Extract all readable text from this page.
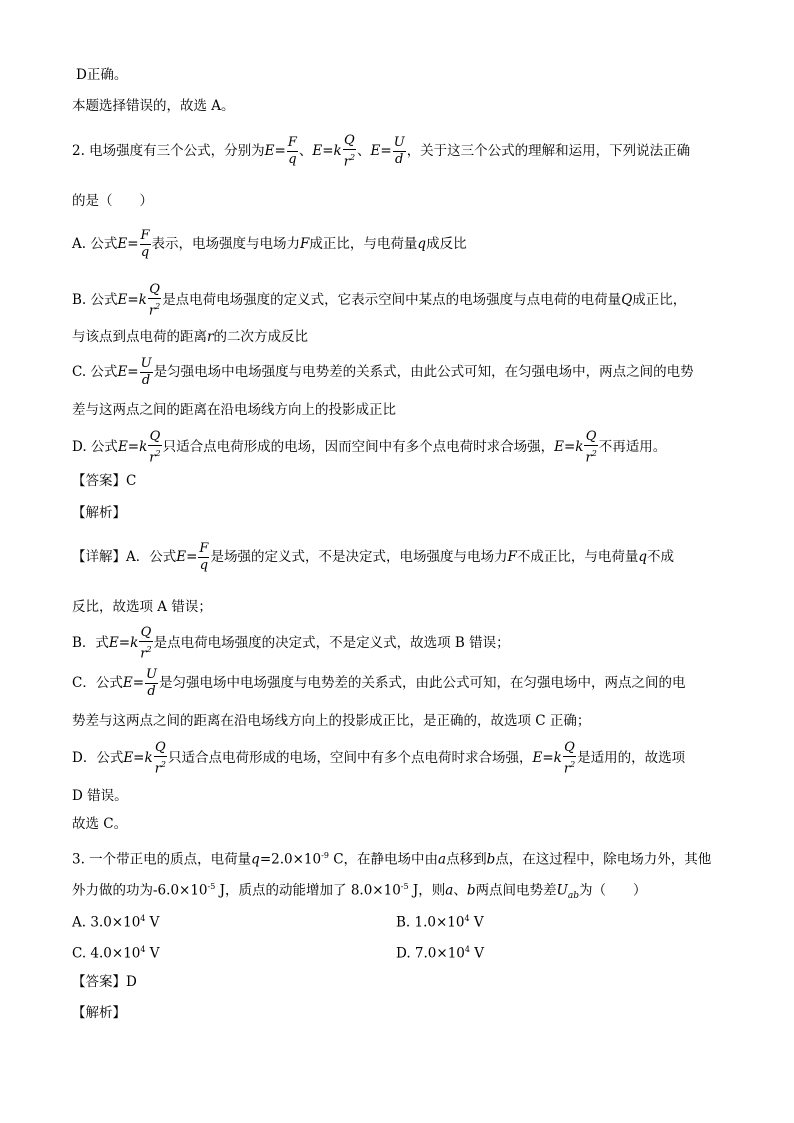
D正确。
本题选择错误的，故选 A。
2. 电场强度有三个公式，分别为$E= \frac{F}{q}$ 、$E=k \frac{Q}{r^2}$ 、$E= \frac{U}{d}$ ，关于这三个公式的理解和运用，下列说法正确
的是（　　）
A. 公式$E= \frac{F}{q}$ 表示，电场强度与电场力F成正比，与电荷量q成反比
B. 公式$E=k \frac{Q}{r^2}$ 是点电荷电场强度的定义式，它表示空间中某点的电场强度与点电荷的电荷量Q成正比，
与该点到点电荷的距离r的二次方成反比
C. 公式$E= \frac{U}{d}$ 是匀强电场中电场强度与电势差的关系式，由此公式可知，在匀强电场中，两点之间的电势
差与这两点之间的距离在沿电场线方向上的投影成正比
D. 公式$E=k \frac{Q}{r^2}$ 只适合点电荷形成的电场，因而空间中有多个点电荷时求合场强，$E=k \frac{Q}{r^2}$ 不再适用。
【答案】C
【解析】
【详解】A．公式$E= \frac{F}{q}$ 是场强的定义式，不是决定式，电场强度与电场力F不成正比，与电荷量q不成
反比，故选项 A 错误；
B．式$E=k \frac{Q}{r^2}$ 是点电荷电场强度的决定式，不是定义式，故选项 B 错误；
C．公式$E= \frac{U}{d}$ 是匀强电场中电场强度与电势差的关系式，由此公式可知，在匀强电场中，两点之间的电
势差与这两点之间的距离在沿电场线方向上的投影成正比，是正确的，故选项 C 正确；
D．公式$E=k \frac{Q}{r^2}$ 只适合点电荷形成的电场，空间中有多个点电荷时求合场强，$E=k \frac{Q}{r^2}$ 是适用的，故选项
D 错误。
故选 C。
3. 一个带正电的质点，电荷量$q=2.0\times 10^{-9}$ C，在静电场中由a点移到b点，在这过程中，除电场力外，其他
外力做的功为$-6.0\times 10^{-5}$ J，质点的动能增加了 $8.0\times 10^{-5}$ J，则a、b两点间电势差$U_{ab}$为（　　）
A. $3.0\times 10^4$ V	B. $1.0\times 10^4$ V
C. $4.0\times 10^4$ V	D. $7.0\times 10^4$ V
【答案】D
【解析】
